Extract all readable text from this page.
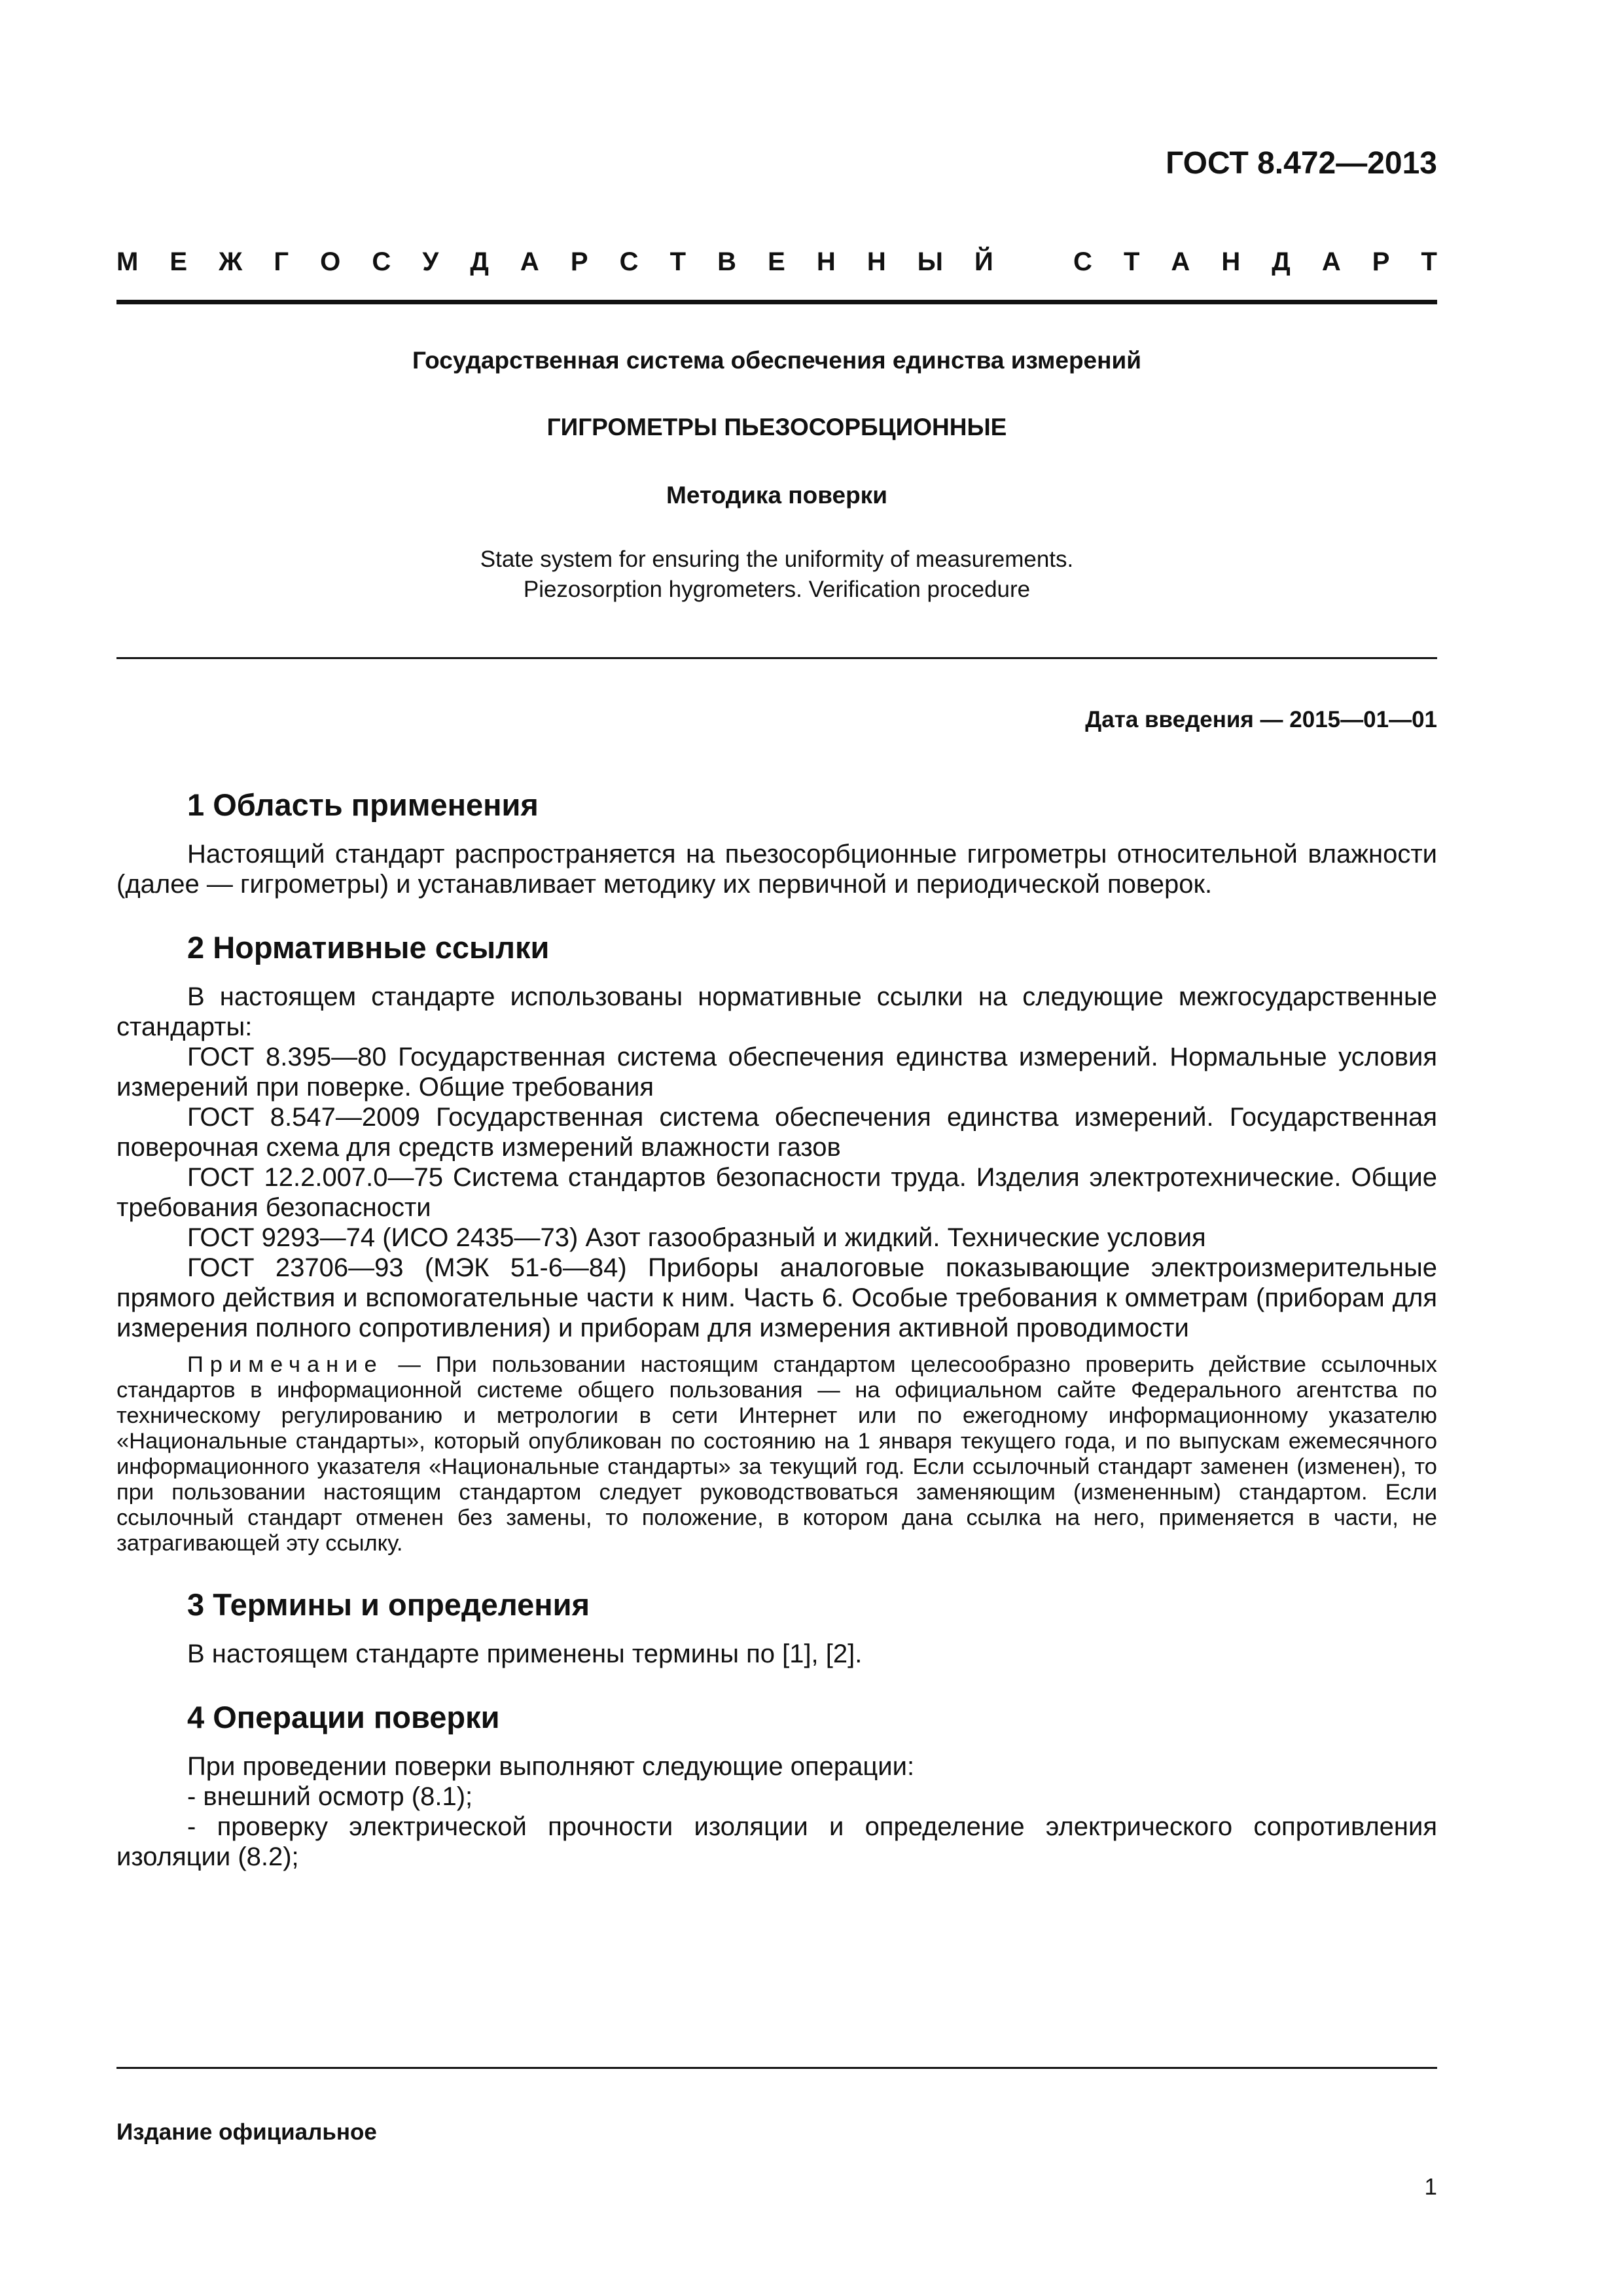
ГОСТ 8.472—2013
М Е Ж Г О С У Д А Р С Т В Е Н Н Ы Й	С Т А Н Д А Р Т
Государственная система обеспечения единства измерений
ГИГРОМЕТРЫ ПЬЕЗОСОРБЦИОННЫЕ
Методика поверки
State system for ensuring the uniformity of measurements.
Piezosorption hygrometers. Verification procedure
Дата введения — 2015—01—01
1 Область применения

Настоящий стандарт распространяется на пьезосорбционные гигрометры относительной влажности (далее — гигрометры) и устанавливает методику их первичной и периодической поверок.

2 Нормативные ссылки

В настоящем стандарте использованы нормативные ссылки на следующие межгосударственные стандарты:

ГОСТ 8.395—80 Государственная система обеспечения единства измерений. Нормальные условия измерений при поверке. Общие требования

ГОСТ 8.547—2009 Государственная система обеспечения единства измерений. Государственная поверочная схема для средств измерений влажности газов

ГОСТ 12.2.007.0—75 Система стандартов безопасности труда. Изделия электротехнические. Общие требования безопасности

ГОСТ 9293—74 (ИСО 2435—73) Азот газообразный и жидкий. Технические условия

ГОСТ 23706—93 (МЭК 51-6—84) Приборы аналоговые показывающие электроизмерительные прямого действия и вспомогательные части к ним. Часть 6. Особые требования к омметрам (приборам для измерения полного сопротивления) и приборам для измерения активной проводимости

Примечание — При пользовании настоящим стандартом целесообразно проверить действие ссылочных стандартов в информационной системе общего пользования — на официальном сайте Федерального агентства по техническому регулированию и метрологии в сети Интернет или по ежегодному информационному указателю «Национальные стандарты», который опубликован по состоянию на 1 января текущего года, и по выпускам ежемесячного информационного указателя «Национальные стандарты» за текущий год. Если ссылочный стандарт заменен (изменен), то при пользовании настоящим стандартом следует руководствоваться заменяющим (измененным) стандартом. Если ссылочный стандарт отменен без замены, то положение, в котором дана ссылка на него, применяется в части, не затрагивающей эту ссылку.
3 Термины и определения

В настоящем стандарте применены термины по [1], [2].

4 Операции поверки

При проведении поверки выполняют следующие операции:

- внешний осмотр (8.1);

- проверку электрической прочности изоляции и определение электрического сопротивления изоляции (8.2);

Издание официальное
1
